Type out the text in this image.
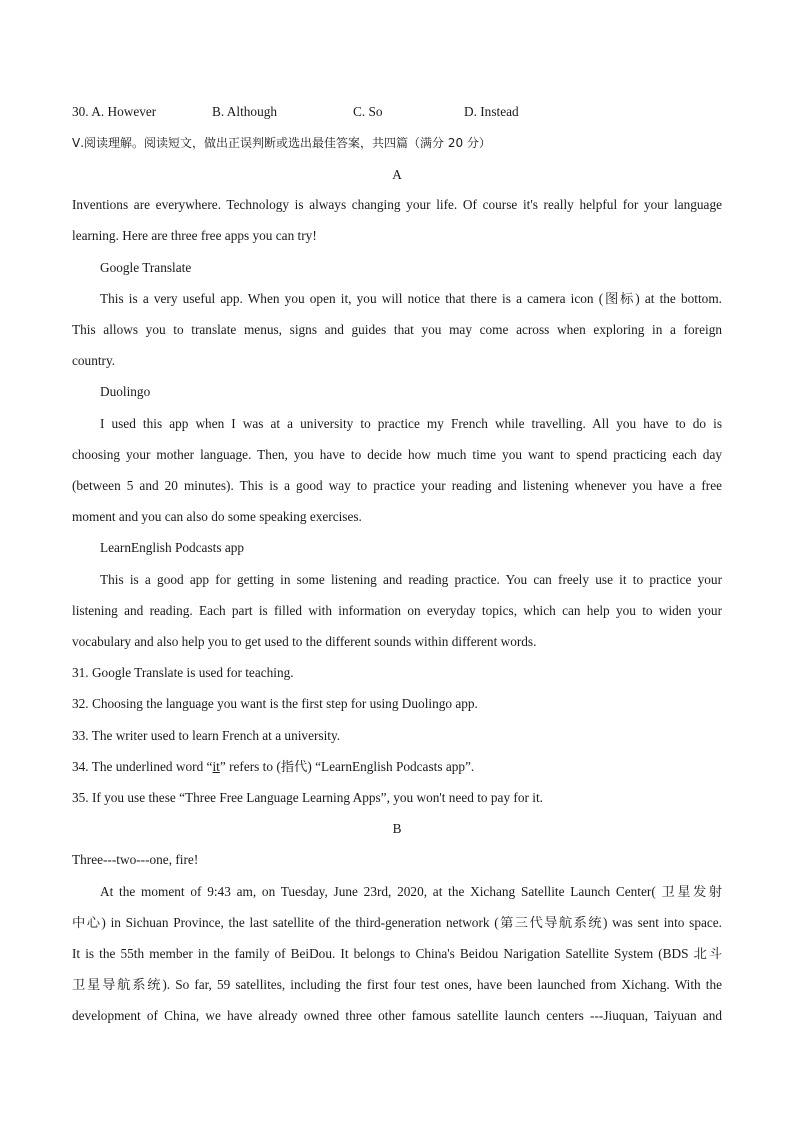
30. A. However	B. Although	C. So	D. Instead
Ⅴ.阅读理解。阅读短文，做出正误判断或选出最佳答案，共四篇（满分 20 分）
A
Inventions are everywhere. Technology is always changing your life. Of course it's really helpful for your language
learning. Here are three free apps you can try!
Google Translate
This is a very useful app. When you open it, you will notice that there is a camera icon (图标) at the bottom.
This allows you to translate menus, signs and guides that you may come across when exploring in a foreign
country.
Duolingo
I used this app when I was at a university to practice my French while travelling. All you have to do is
choosing your mother language. Then, you have to decide how much time you want to spend practicing each day
(between 5 and 20 minutes). This is a good way to practice your reading and listening whenever you have a free
moment and you can also do some speaking exercises.
LearnEnglish Podcasts app
This is a good app for getting in some listening and reading practice. You can freely use it to practice your
listening and reading. Each part is filled with information on everyday topics, which can help you to widen your
vocabulary and also help you to get used to the different sounds within different words.
31. Google Translate is used for teaching.
32. Choosing the language you want is the first step for using Duolingo app.
33. The writer used to learn French at a university.
34. The underlined word “it” refers to (指代) “LearnEnglish Podcasts app”.
35. If you use these “Three Free Language Learning Apps”, you won't need to pay for it.
B
Three---two---one, fire!
At the moment of 9:43 am, on Tuesday, June 23rd, 2020, at the Xichang Satellite Launch Center( 卫星发射
中心) in Sichuan Province, the last satellite of the third-generation network (第三代导航系统) was sent into space.
It is the 55th member in the family of BeiDou. It belongs to China's Beidou Narigation Satellite System (BDS 北斗
卫星导航系统). So far, 59 satellites, including the first four test ones, have been launched from Xichang. With the
development of China, we have already owned three other famous satellite launch centers ---Jiuquan, Taiyuan and
